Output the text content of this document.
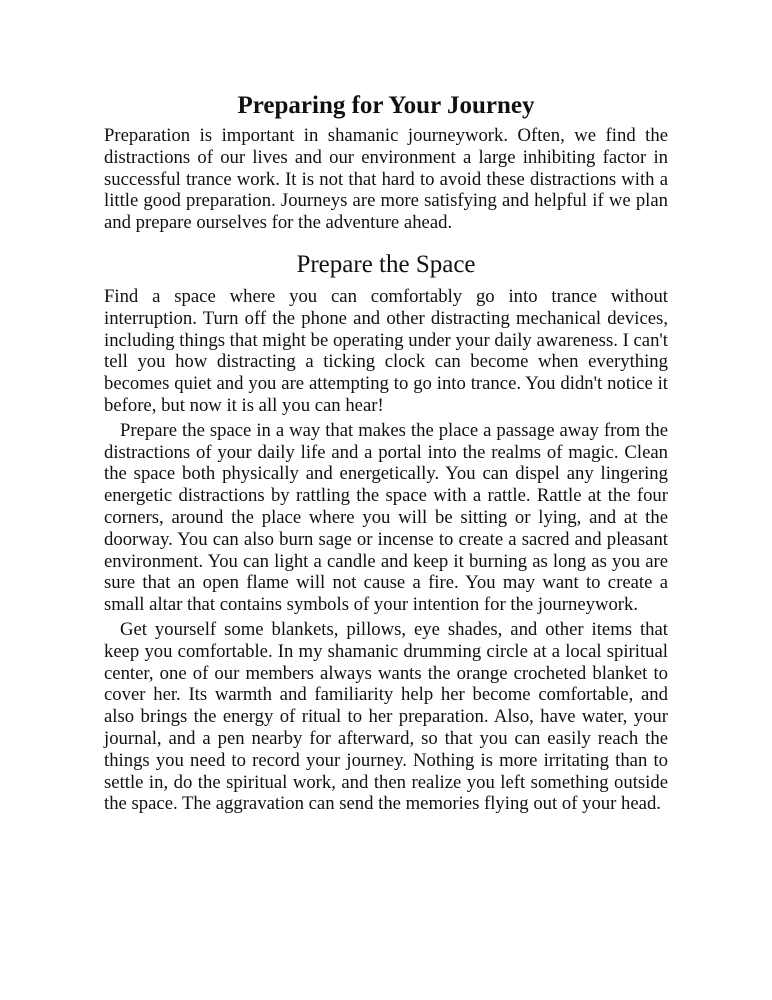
Preparing for Your Journey

Preparation is important in shamanic journeywork. Often, we find the distractions of our lives and our environment a large inhibiting factor in successful trance work. It is not that hard to avoid these distractions with a little good preparation. Journeys are more satisfying and helpful if we plan and prepare ourselves for the adventure ahead.

Prepare the Space

Find a space where you can comfortably go into trance without interruption. Turn off the phone and other distracting mechanical devices, including things that might be operating under your daily awareness. I can't tell you how distracting a ticking clock can become when everything becomes quiet and you are attempting to go into trance. You didn't notice it before, but now it is all you can hear!

Prepare the space in a way that makes the place a passage away from the distractions of your daily life and a portal into the realms of magic. Clean the space both physically and energetically. You can dispel any lingering energetic distractions by rattling the space with a rattle. Rattle at the four corners, around the place where you will be sitting or lying, and at the doorway. You can also burn sage or incense to create a sacred and pleasant environment. You can light a candle and keep it burning as long as you are sure that an open flame will not cause a fire. You may want to create a small altar that contains symbols of your intention for the journeywork.

Get yourself some blankets, pillows, eye shades, and other items that keep you comfortable. In my shamanic drumming circle at a local spiritual center, one of our members always wants the orange crocheted blanket to cover her. Its warmth and familiarity help her become comfortable, and also brings the energy of ritual to her preparation. Also, have water, your journal, and a pen nearby for afterward, so that you can easily reach the things you need to record your journey. Nothing is more irritating than to settle in, do the spiritual work, and then realize you left something outside the space. The aggravation can send the memories flying out of your head.
